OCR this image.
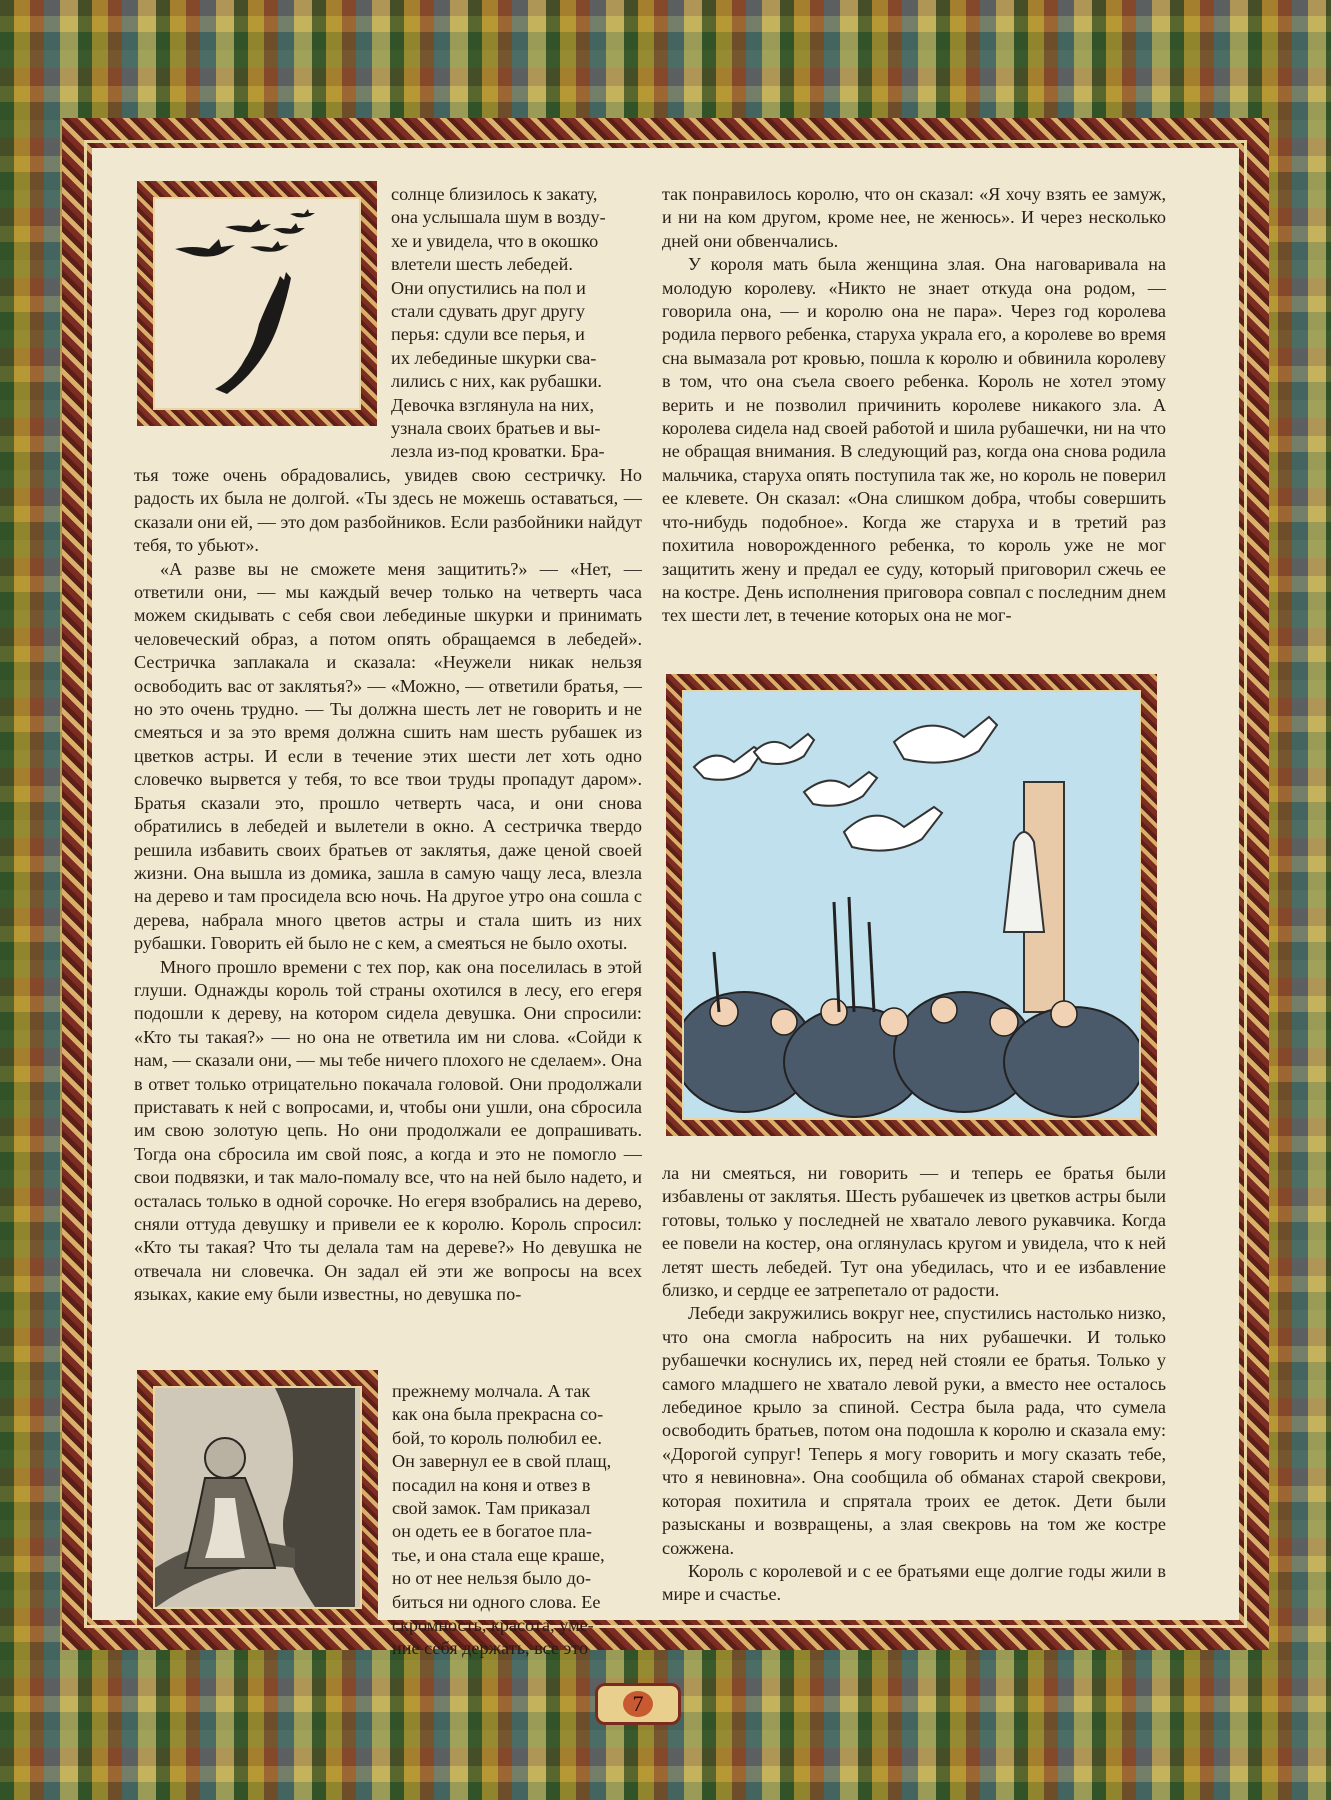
солнце близилось к закату,
она услышала шум в возду-
хе и увидела, что в окошко
влетели шесть лебедей.
Они опустились на пол и
стали сдувать друг другу
перья: сдули все перья, и
их лебединые шкурки сва-
лились с них, как рубашки.
Девочка взглянула на них,
узнала своих братьев и вы-
лезла из-под кроватки. Бра-

тья тоже очень обрадовались, увидев свою сестричку. Но радость их была не долгой. «Ты здесь не можешь оставаться, — сказали они ей, — это дом разбойников. Если разбойники найдут тебя, то убьют».

«А разве вы не сможете меня защитить?» — «Нет, — ответили они, — мы каждый вечер только на четверть часа можем скидывать с себя свои лебединые шкурки и принимать человеческий образ, а потом опять обращаемся в лебедей». Сестричка заплакала и сказала: «Неужели никак нельзя освободить вас от заклятья?» — «Можно, — ответили братья, — но это очень трудно. — Ты должна шесть лет не говорить и не смеяться и за это время должна сшить нам шесть рубашек из цветков астры. И если в течение этих шести лет хоть одно словечко вырвется у тебя, то все твои труды пропадут даром». Братья сказали это, прошло четверть часа, и они снова обратились в лебедей и вылетели в окно. А сестричка твердо решила избавить своих братьев от заклятья, даже ценой своей жизни. Она вышла из домика, зашла в самую чащу леса, влезла на дерево и там просидела всю ночь. На другое утро она сошла с дерева, набрала много цветов астры и стала шить из них рубашки. Говорить ей было не с кем, а смеяться не было охоты.

Много прошло времени с тех пор, как она поселилась в этой глуши. Однажды король той страны охотился в лесу, его егеря подошли к дереву, на котором сидела девушка. Они спросили: «Кто ты такая?» — но она не ответила им ни слова. «Сойди к нам, — сказали они, — мы тебе ничего плохого не сделаем». Она в ответ только отрицательно покачала головой. Они продолжали приставать к ней с вопросами, и, чтобы они ушли, она сбросила им свою золотую цепь. Но они продолжали ее допрашивать. Тогда она сбросила им свой пояс, а когда и это не помогло — свои подвязки, и так мало-помалу все, что на ней было надето, и осталась только в одной сорочке. Но егеря взобрались на дерево, сняли оттуда девушку и привели ее к королю. Король спросил: «Кто ты такая? Что ты делала там на дереве?» Но девушка не отвечала ни словечка. Он задал ей эти же вопросы на всех языках, какие ему были известны, но девушка по-

прежнему молчала. А так
как она была прекрасна со-
бой, то король полюбил ее.
Он завернул ее в свой плащ,
посадил на коня и отвез в
свой замок. Там приказал
он одеть ее в богатое пла-
тье, и она стала еще краше,
но от нее нельзя было до-
биться ни одного слова. Ее
скромность, красота, уме-
ние себя держать, все это

так понравилось королю, что он сказал: «Я хочу взять ее замуж, и ни на ком другом, кроме нее, не женюсь». И через несколько дней они обвенчались.

У короля мать была женщина злая. Она наговаривала на молодую королеву. «Никто не знает откуда она родом, — говорила она, — и королю она не пара». Через год королева родила первого ребенка, старуха украла его, а королеве во время сна вымазала рот кровью, пошла к королю и обвинила королеву в том, что она съела своего ребенка. Король не хотел этому верить и не позволил причинить королеве никакого зла. А королева сидела над своей работой и шила рубашечки, ни на что не обращая внимания. В следующий раз, когда она снова родила мальчика, старуха опять поступила так же, но король не поверил ее клевете. Он сказал: «Она слишком добра, чтобы совершить что-нибудь подобное». Когда же старуха и в третий раз похитила новорожденного ребенка, то король уже не мог защитить жену и предал ее суду, который приговорил сжечь ее на костре. День исполнения приговора совпал с последним днем тех шести лет, в течение которых она не мог-

ла ни смеяться, ни говорить — и теперь ее братья были избавлены от заклятья. Шесть рубашечек из цветков астры были готовы, только у последней не хватало левого рукавчика. Когда ее повели на костер, она оглянулась кругом и увидела, что к ней летят шесть лебедей. Тут она убедилась, что и ее избавление близко, и сердце ее затрепетало от радости.

Лебеди закружились вокруг нее, спустились настолько низко, что она смогла набросить на них рубашечки. И только рубашечки коснулись их, перед ней стояли ее братья. Только у самого младшего не хватало левой руки, а вместо нее осталось лебединое крыло за спиной. Сестра была рада, что сумела освободить братьев, потом она подошла к королю и сказала ему: «Дорогой супруг! Теперь я могу говорить и могу сказать тебе, что я невиновна». Она сообщила об обманах старой свекрови, которая похитила и спрятала троих ее деток. Дети были разысканы и возвращены, а злая свекровь на том же костре сожжена.

Король с королевой и с ее братьями еще долгие годы жили в мире и счастье.

7
